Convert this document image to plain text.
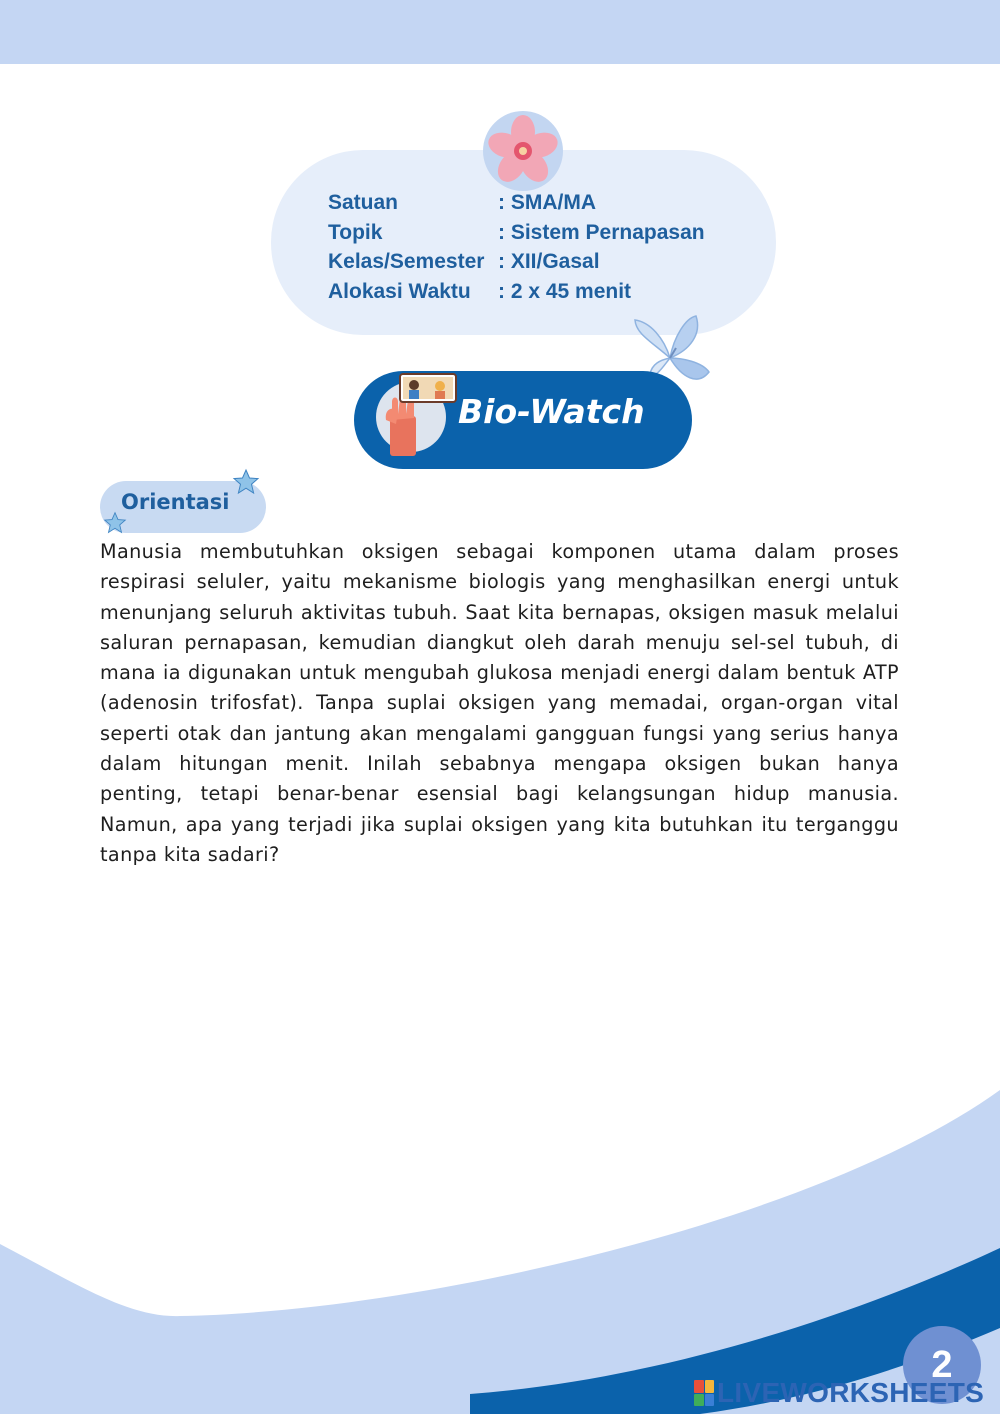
Satuan	: SMA/MA
Topik	: Sistem Pernapasan
Kelas/Semester : XII/Gasal
Alokasi Waktu	: 2 x 45 menit
Bio-Watch
Orientasi

Manusia membutuhkan oksigen sebagai komponen utama dalam proses respirasi seluler, yaitu mekanisme biologis yang menghasilkan energi untuk menunjang seluruh aktivitas tubuh. Saat kita bernapas, oksigen masuk melalui saluran pernapasan, kemudian diangkut oleh darah menuju sel-sel tubuh, di mana ia digunakan untuk mengubah glukosa menjadi energi dalam bentuk ATP (adenosin trifosfat). Tanpa suplai oksigen yang memadai, organ-organ vital seperti otak dan jantung akan mengalami gangguan fungsi yang serius hanya dalam hitungan menit. Inilah sebabnya mengapa oksigen bukan hanya penting, tetapi benar-benar esensial bagi kelangsungan hidup manusia. Namun, apa yang terjadi jika suplai oksigen yang kita butuhkan itu terganggu tanpa kita sadari?

2
LIVEWORKSHEETS
